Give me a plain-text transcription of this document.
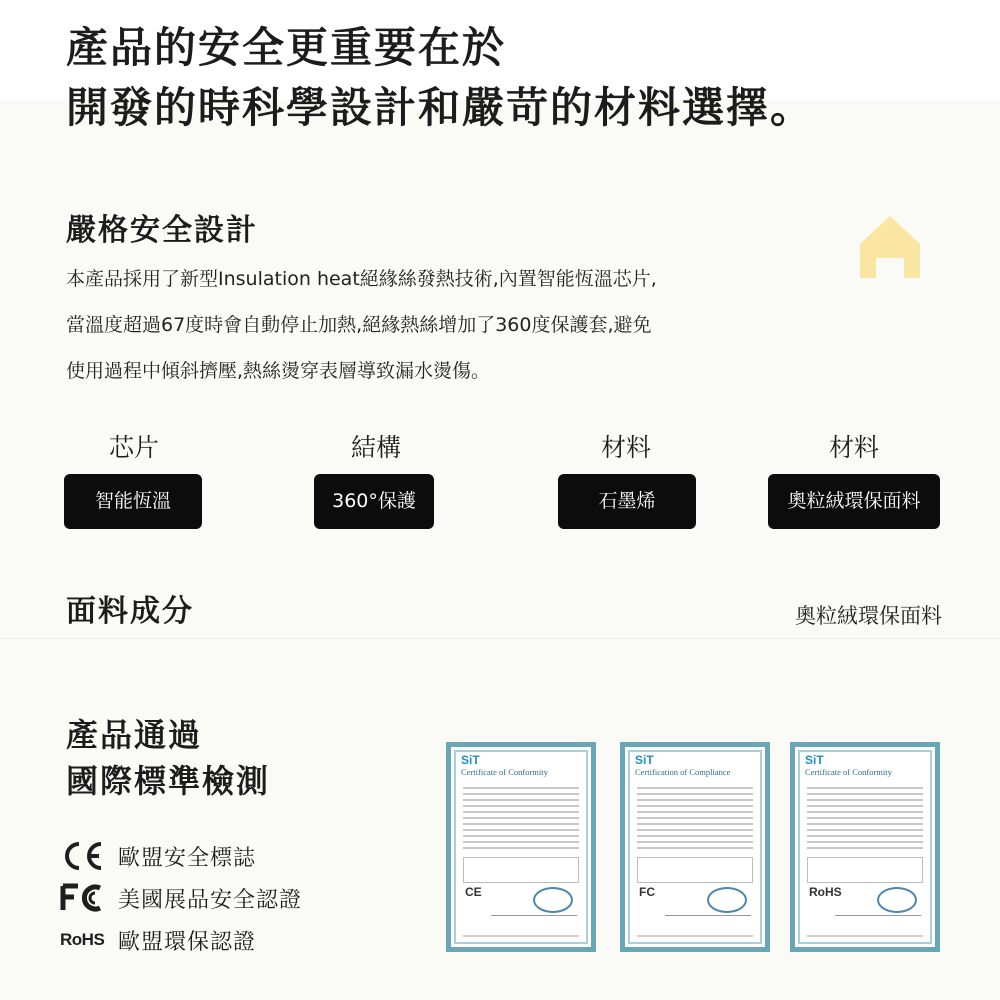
產品的安全更重要在於
開發的時科學設計和嚴苛的材料選擇。
嚴格安全設計

本產品採用了新型Insulation heat絕緣絲發熱技術,內置智能恆溫芯片,

當溫度超過67度時會自動停止加熱,絕緣熱絲增加了360度保護套,避免

使用過程中傾斜擠壓,熱絲燙穿表層導致漏水燙傷。

芯片
智能恆溫
結構
360°保護
材料
石墨烯
材料
奧粒絨環保面料
面料成分	奧粒絨環保面料

產品通過
國際標準檢測
歐盟安全標誌
美國展品安全認證
RoHS 歐盟環保認證
SiT
Certificate of Conformity
CE
SiT
Certification of Compliance
FC
SiT
Certificate of Conformity
RoHS
